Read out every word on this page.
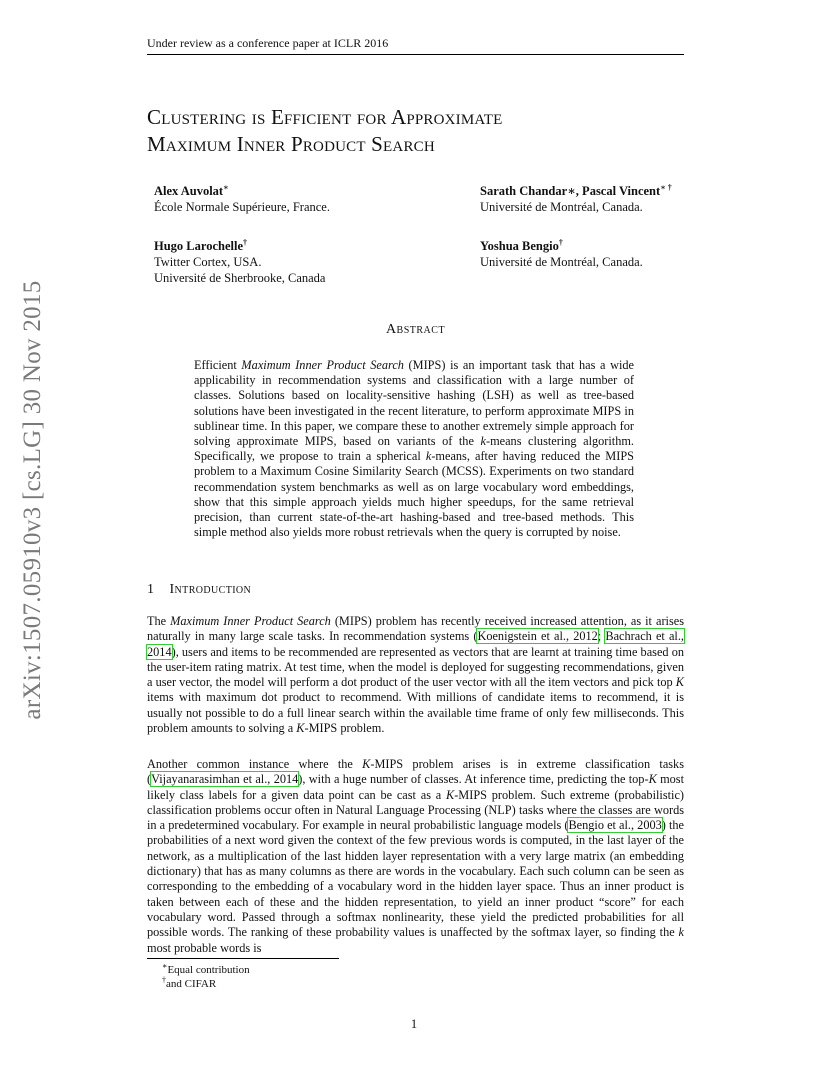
Under review as a conference paper at ICLR 2016
Clustering is Efficient for Approximate
Maximum Inner Product Search
Alex Auvolat∗
École Normale Supérieure, France.
Sarath Chandar∗, Pascal Vincent∗ †
Université de Montréal, Canada.
Hugo Larochelle†
Twitter Cortex, USA.
Université de Sherbrooke, Canada
Yoshua Bengio†
Université de Montréal, Canada.
arXiv:1507.05910v3 [cs.LG] 30 Nov 2015	Abstract
Efficient Maximum Inner Product Search (MIPS) is an important task that has a wide applicability in recommendation systems and classification with a large number of classes. Solutions based on locality-sensitive hashing (LSH) as well as tree-based solutions have been investigated in the recent literature, to perform approximate MIPS in sublinear time. In this paper, we compare these to another extremely simple approach for solving approximate MIPS, based on variants of the k-means clustering algorithm. Specifically, we propose to train a spherical k-means, after having reduced the MIPS problem to a Maximum Cosine Similarity Search (MCSS). Experiments on two standard recommendation system benchmarks as well as on large vocabulary word embeddings, show that this simple approach yields much higher speedups, for the same retrieval precision, than current state-of-the-art hashing-based and tree-based methods. This simple method also yields more robust retrievals when the query is corrupted by noise.
1 Introduction
The Maximum Inner Product Search (MIPS) problem has recently received increased attention, as it arises naturally in many large scale tasks. In recommendation systems (Koenigstein et al., 2012; Bachrach et al., 2014), users and items to be recommended are represented as vectors that are learnt at training time based on the user-item rating matrix. At test time, when the model is deployed for suggesting recommendations, given a user vector, the model will perform a dot product of the user vector with all the item vectors and pick top K items with maximum dot product to recommend. With millions of candidate items to recommend, it is usually not possible to do a full linear search within the available time frame of only few milliseconds. This problem amounts to solving a K-MIPS problem.
Another common instance where the K-MIPS problem arises is in extreme classification tasks (Vijayanarasimhan et al., 2014), with a huge number of classes. At inference time, predicting the top-K most likely class labels for a given data point can be cast as a K-MIPS problem. Such extreme (probabilistic) classification problems occur often in Natural Language Processing (NLP) tasks where the classes are words in a predetermined vocabulary. For example in neural probabilistic language models (Bengio et al., 2003) the probabilities of a next word given the context of the few previous words is computed, in the last layer of the network, as a multiplication of the last hidden layer representation with a very large matrix (an embedding dictionary) that has as many columns as there are words in the vocabulary. Each such column can be seen as corresponding to the embedding of a vocabulary word in the hidden layer space. Thus an inner product is taken between each of these and the hidden representation, to yield an inner product “score” for each vocabulary word. Passed through a softmax nonlinearity, these yield the predicted probabilities for all possible words. The ranking of these probability values is unaffected by the softmax layer, so finding the k most probable words is
∗Equal contribution
†and CIFAR
1
